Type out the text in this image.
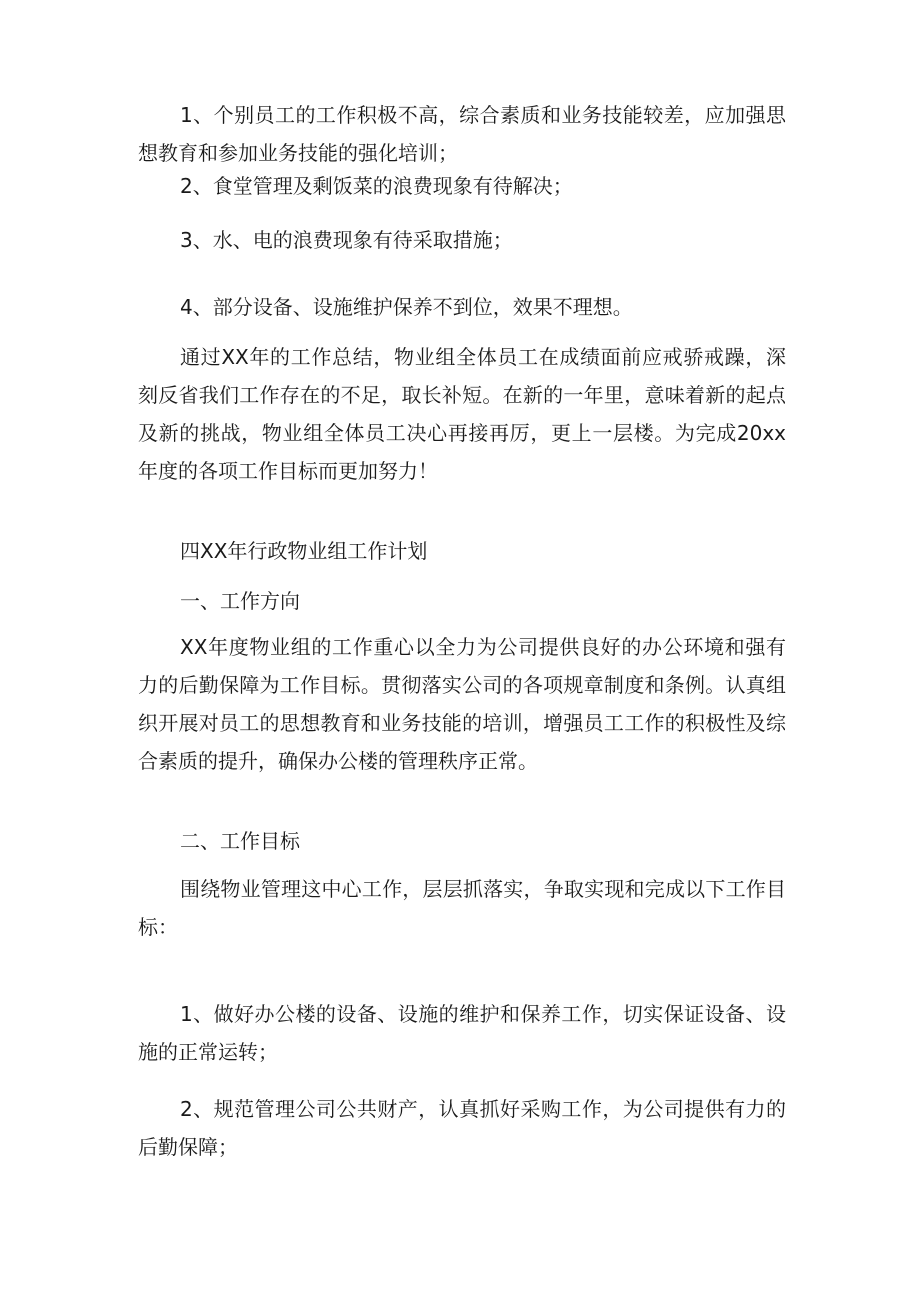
1、个别员工的工作积极不高，综合素质和业务技能较差，应加强思想教育和参加业务技能的强化培训；

2、食堂管理及剩饭菜的浪费现象有待解决；

3、水、电的浪费现象有待采取措施；

4、部分设备、设施维护保养不到位，效果不理想。

通过XX年的工作总结，物业组全体员工在成绩面前应戒骄戒躁，深刻反省我们工作存在的不足，取长补短。在新的一年里，意味着新的起点及新的挑战，物业组全体员工决心再接再厉，更上一层楼。为完成20xx年度的各项工作目标而更加努力！

四XX年行政物业组工作计划

一、工作方向

XX年度物业组的工作重心以全力为公司提供良好的办公环境和强有力的后勤保障为工作目标。贯彻落实公司的各项规章制度和条例。认真组织开展对员工的思想教育和业务技能的培训，增强员工工作的积极性及综合素质的提升，确保办公楼的管理秩序正常。

二、工作目标

围绕物业管理这中心工作，层层抓落实，争取实现和完成以下工作目标：

1、做好办公楼的设备、设施的维护和保养工作，切实保证设备、设施的正常运转；

2、规范管理公司公共财产，认真抓好采购工作，为公司提供有力的后勤保障；
